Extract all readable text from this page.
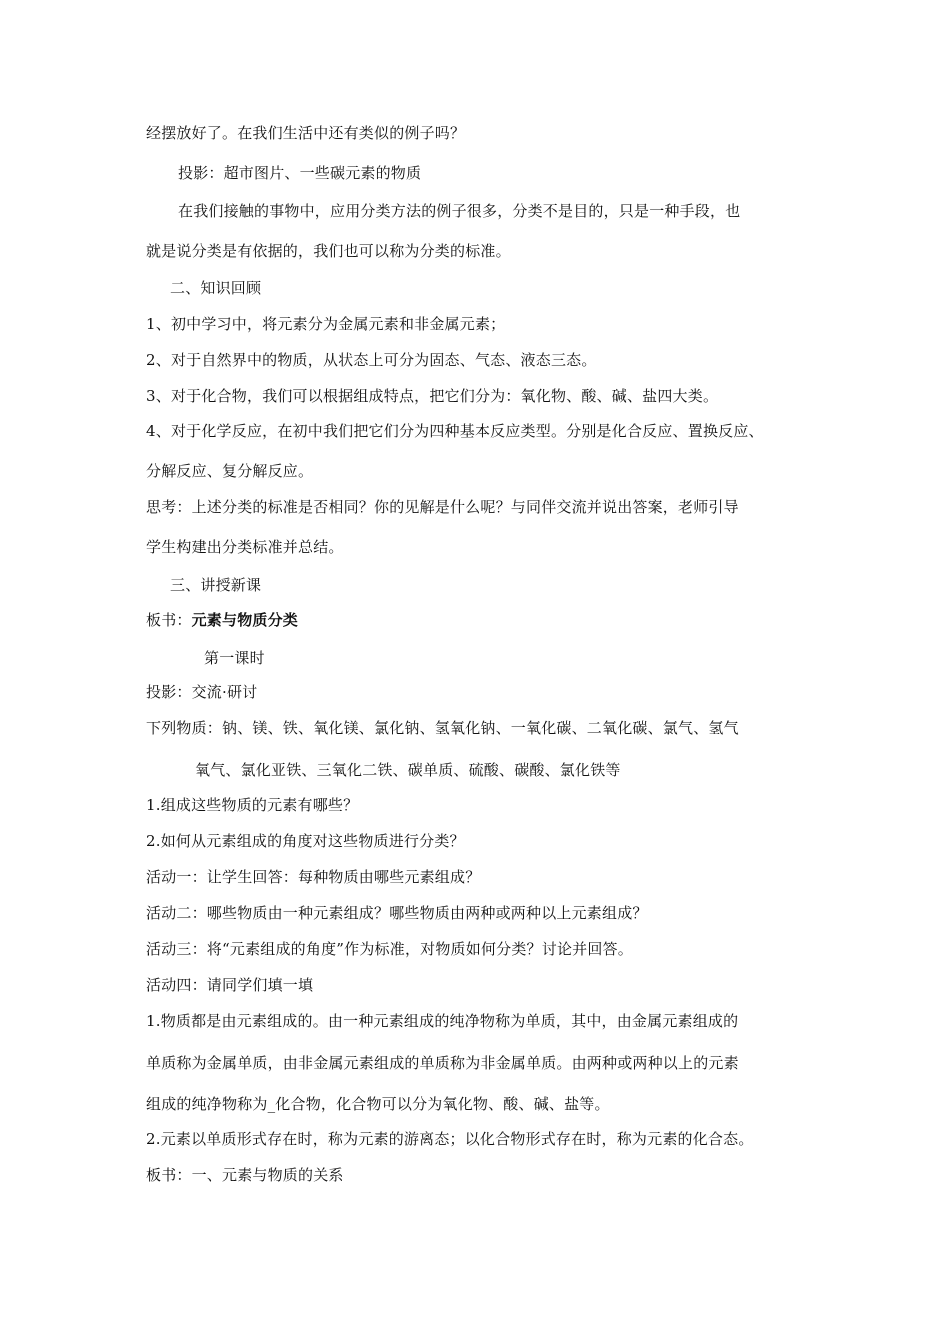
经摆放好了。在我们生活中还有类似的例子吗？
投影：超市图片、一些碳元素的物质
在我们接触的事物中，应用分类方法的例子很多，分类不是目的，只是一种手段，也
就是说分类是有依据的，我们也可以称为分类的标准。
二、知识回顾
1、初中学习中，将元素分为金属元素和非金属元素；
2、对于自然界中的物质，从状态上可分为固态、气态、液态三态。
3、对于化合物，我们可以根据组成特点，把它们分为：氧化物、酸、碱、盐四大类。
4、对于化学反应，在初中我们把它们分为四种基本反应类型。分别是化合反应、置换反应、
分解反应、复分解反应。
思考：上述分类的标准是否相同？你的见解是什么呢？与同伴交流并说出答案，老师引导
学生构建出分类标准并总结。
三、讲授新课
板书：元素与物质分类
第一课时
投影：交流·研讨
下列物质：钠、镁、铁、氧化镁、氯化钠、氢氧化钠、一氧化碳、二氧化碳、氯气、氢气
氧气、氯化亚铁、三氧化二铁、碳单质、硫酸、碳酸、氯化铁等
1.组成这些物质的元素有哪些？
2.如何从元素组成的角度对这些物质进行分类？
活动一：让学生回答：每种物质由哪些元素组成？
活动二：哪些物质由一种元素组成？哪些物质由两种或两种以上元素组成？
活动三：将“元素组成的角度”作为标准，对物质如何分类？讨论并回答。
活动四：请同学们填一填
1.物质都是由元素组成的。由一种元素组成的纯净物称为单质，其中，由金属元素组成的
单质称为金属单质，由非金属元素组成的单质称为非金属单质。由两种或两种以上的元素
组成的纯净物称为_化合物，化合物可以分为氧化物、酸、碱、盐等。
2.元素以单质形式存在时，称为元素的游离态；以化合物形式存在时，称为元素的化合态。
板书：一、元素与物质的关系
